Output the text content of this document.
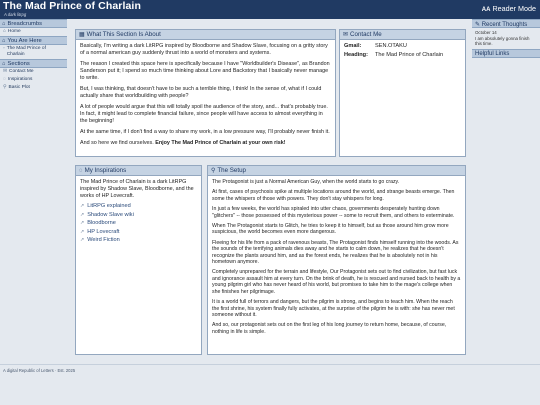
The Mad Prince of Charlain
A dark litrpg
AA Reader Mode
⌂ Breadcrumbs
⌂ Home
⌂ You Are Here
▫ The Mad Prince of Charlain
⌂ Sections
✉ Contact Me
◌ Inspirations
⚲ Basic Plot
✎ Recent Thoughts
October 14
I am absolutely gonna finish this time.
Helpful Links
▦ What This Section Is About

Basically, I'm writing a dark LitRPG inspired by Bloodborne and Shadow Slave, focusing on a gritty story of a normal american guy suddenly thrust into a world of monsters and systems.

The reason I created this space here is specifically because I have "Worldbuilder's Disease", as Brandon Sanderson put it; I spend so much time thinking about Lore and Backstory that I basically never manage to write.

But, I was thinking, that doesn't have to be such a terrible thing, I think! In the sense of, what if I could actually share that worldbuilding with people?

A lot of people would argue that this will totally spoil the audience of the story, and... that's probably true. In fact, it might lead to complete financial failure, since people will have access to almost everything in the beginning!

At the same time, if I don't find a way to share my work, in a low pressure way, I'll probably never finish it.

And so here we find ourselves. Enjoy The Mad Prince of Charlain at your own risk!

✉ Contact Me
Gmail:	SEN.OTAKU
Heading:	The Mad Prince of Charlain
◌ My Inspirations
The Mad Prince of Charlain is a dark LitRPG inspired by Shadow Slave, Bloodborne, and the works of HP Lovecraft.
↗ LitRPG explained
↗ Shadow Slave wiki
↗ Bloodborne
↗ HP Lovecraft
↗ Weird Fiction
⚲ The Setup

The Protagonist is just a Normal American Guy, when the world starts to go crazy.

At first, cases of psychosis spike at multiple locations around the world, and strange beasts emerge. Then some the whispers of those with powers. They don't stay whispers for long.

In just a few weeks, the world has spiraled into utter chaos, governments desperately hunting down "glitchers" -- those possessed of this mysterious power -- some to recruit them, and others to exterminate.

When The Protagonist starts to Glitch, he tries to keep it to himself, but as those around him grow more suspicious, the world becomes even more dangerous.

Fleeing for his life from a pack of ravenous beasts, The Protagonist finds himself running into the woods. As the sounds of the terrifying animals dies away and he starts to calm down, he realizes that he doesn't recognize the plants around him, and as the forest ends, he realizes that he is absolutely not in his hometown anymore.

Completely unprepared for the terrain and lifestyle, Our Protagonist sets out to find civilization, but fast luck and ignorance assault him at every turn. On the brink of death, he is rescued and nursed back to health by a young pilgrim girl who has never heard of his world, but promises to take him to the mage's college when she finishes her pilgrimage.

It is a world full of terrors and dangers, but the pilgrim is strong, and begins to teach him. When the reach the first shrine, his system finally fully activates, at the surprise of the pilgrim he is with: she has never met someone without it.

And so, our protagonist sets out on the first leg of his long journey to return home, because, of course, nothing in life is simple.

A digital Republic of Letters · Est. 2025
